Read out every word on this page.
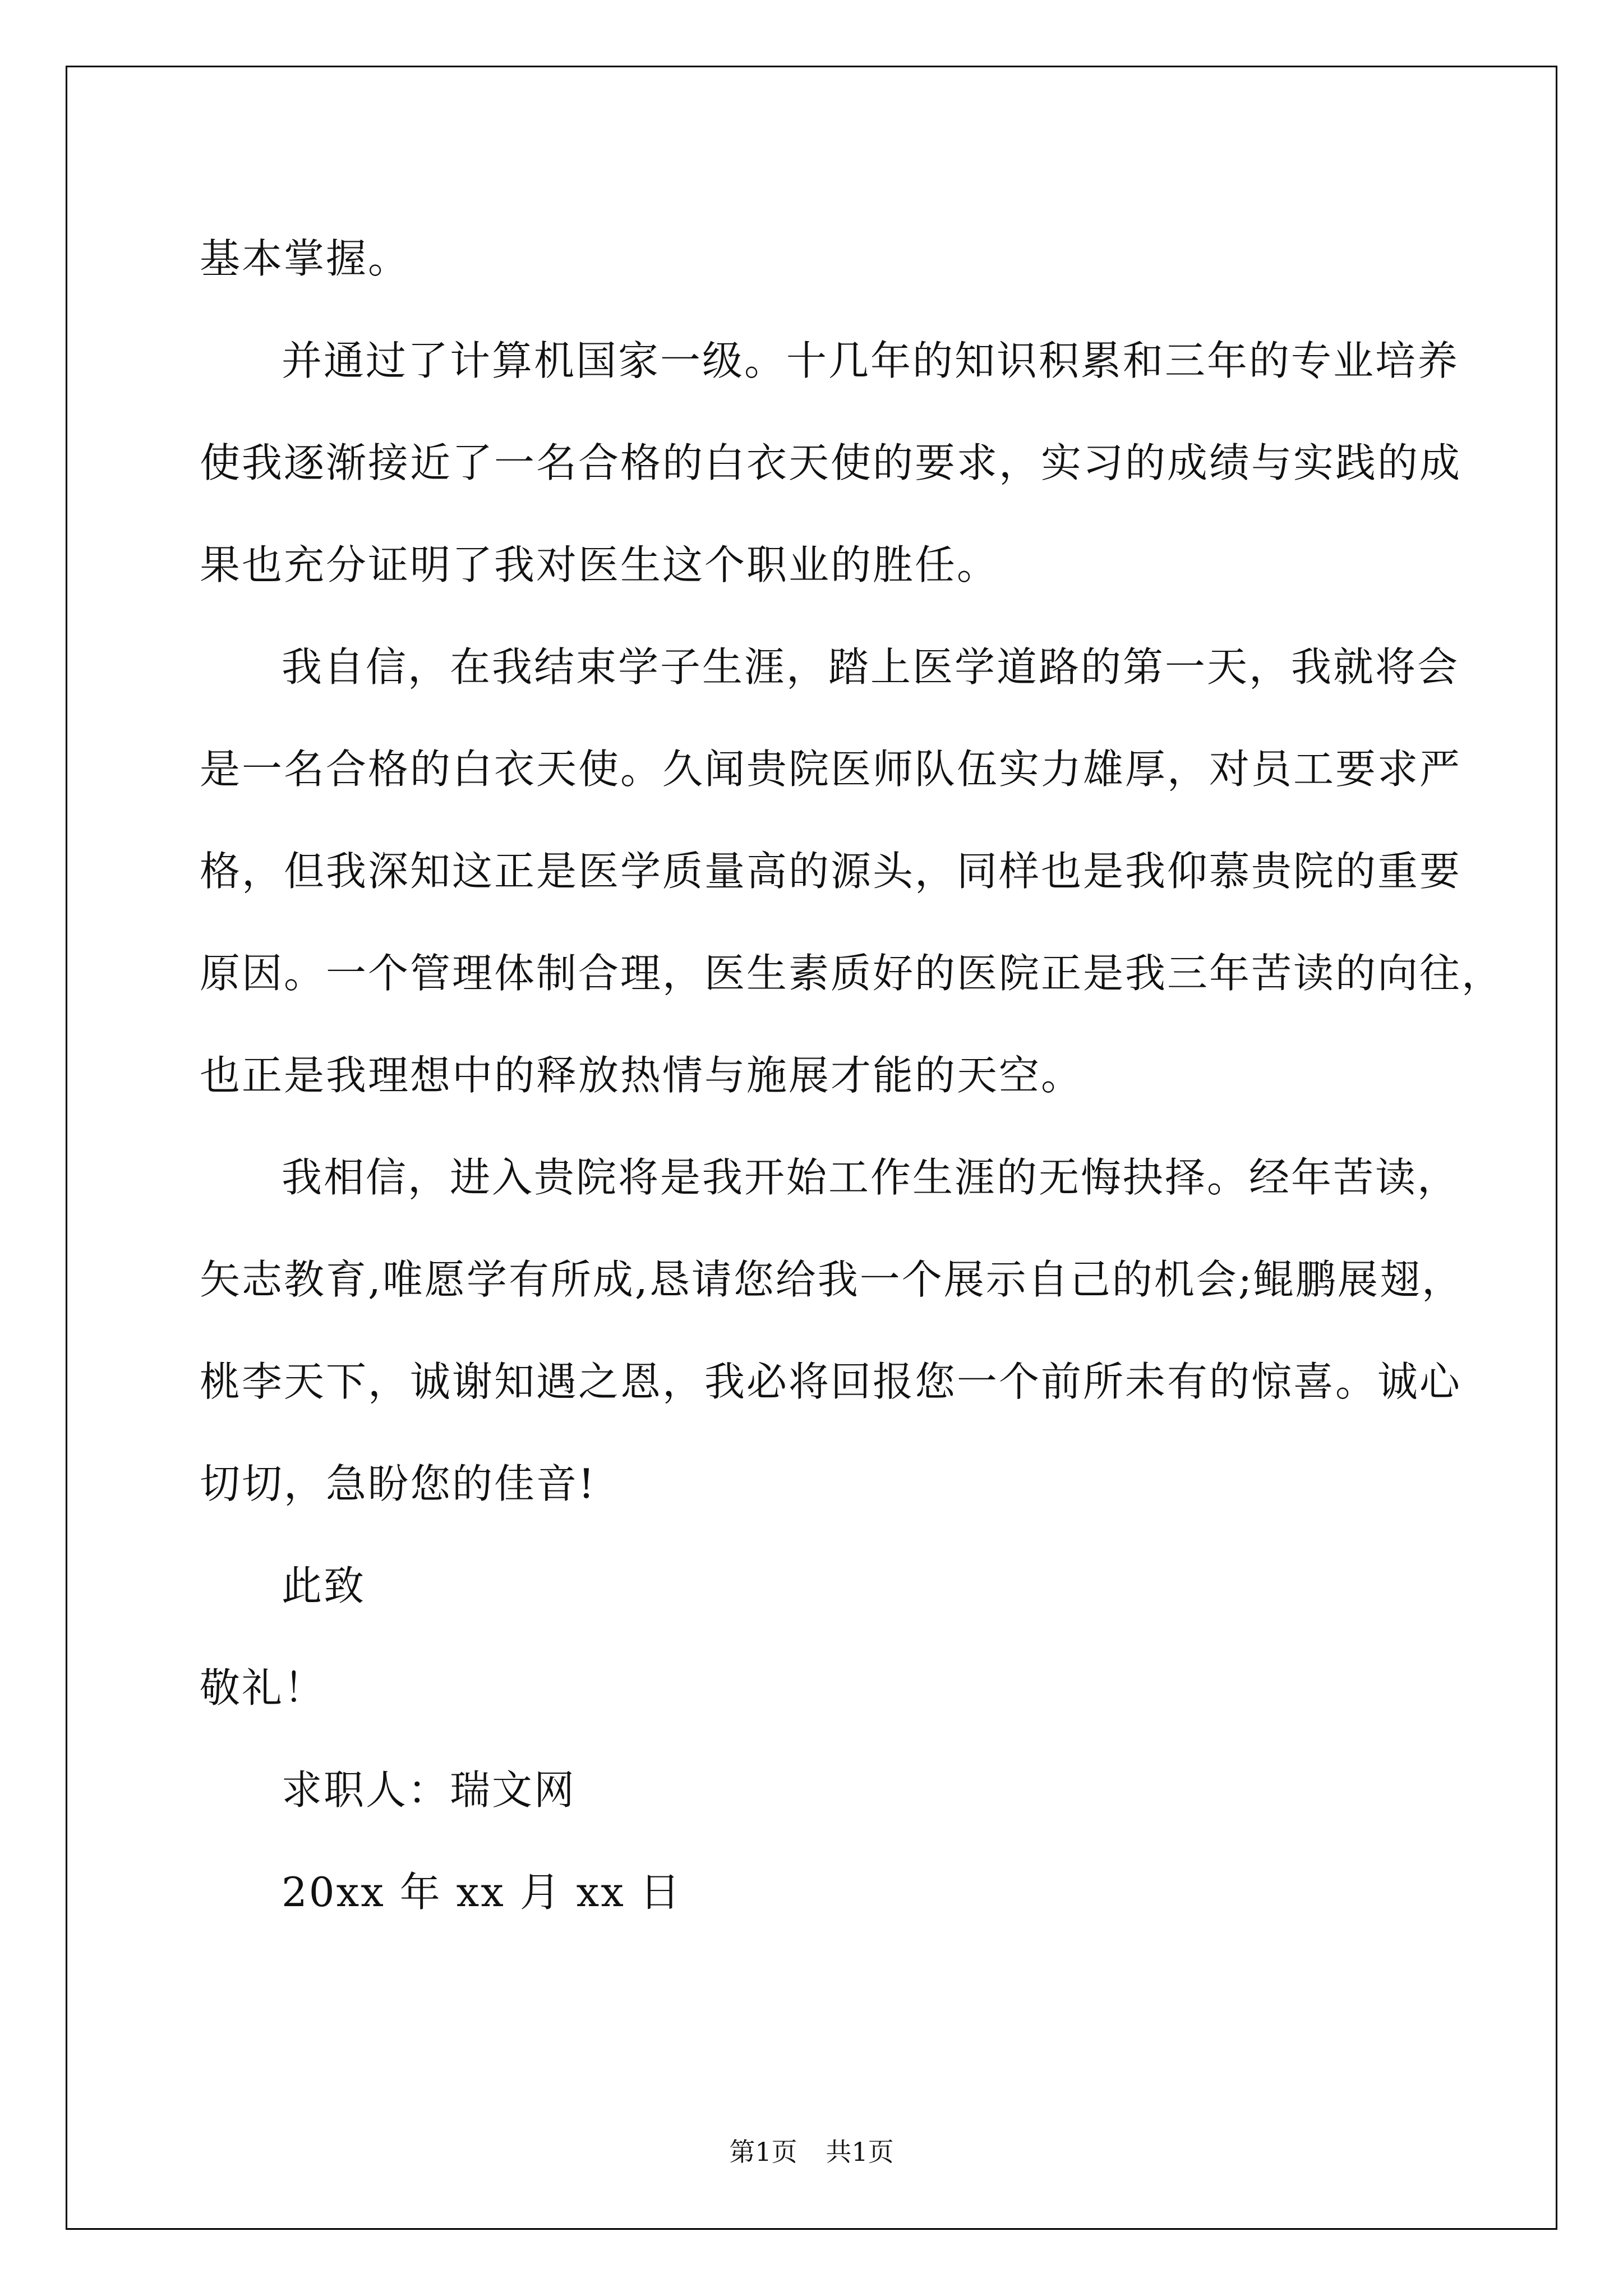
基本掌握。
并通过了计算机国家一级。十几年的知识积累和三年的专业培养
使我逐渐接近了一名合格的白衣天使的要求，实习的成绩与实践的成
果也充分证明了我对医生这个职业的胜任。
我自信，在我结束学子生涯，踏上医学道路的第一天，我就将会
是一名合格的白衣天使。久闻贵院医师队伍实力雄厚，对员工要求严
格，但我深知这正是医学质量高的源头，同样也是我仰慕贵院的重要
原因。一个管理体制合理，医生素质好的医院正是我三年苦读的向往，
也正是我理想中的释放热情与施展才能的天空。
我相信，进入贵院将是我开始工作生涯的无悔抉择。经年苦读，
矢志教育,唯愿学有所成,恳请您给我一个展示自己的机会;鲲鹏展翅，
桃李天下，诚谢知遇之恩，我必将回报您一个前所未有的惊喜。诚心
切切，急盼您的佳音!
此致
敬礼！
求职人：瑞文网
20xx 年 xx 月 xx 日
第1页 共1页
